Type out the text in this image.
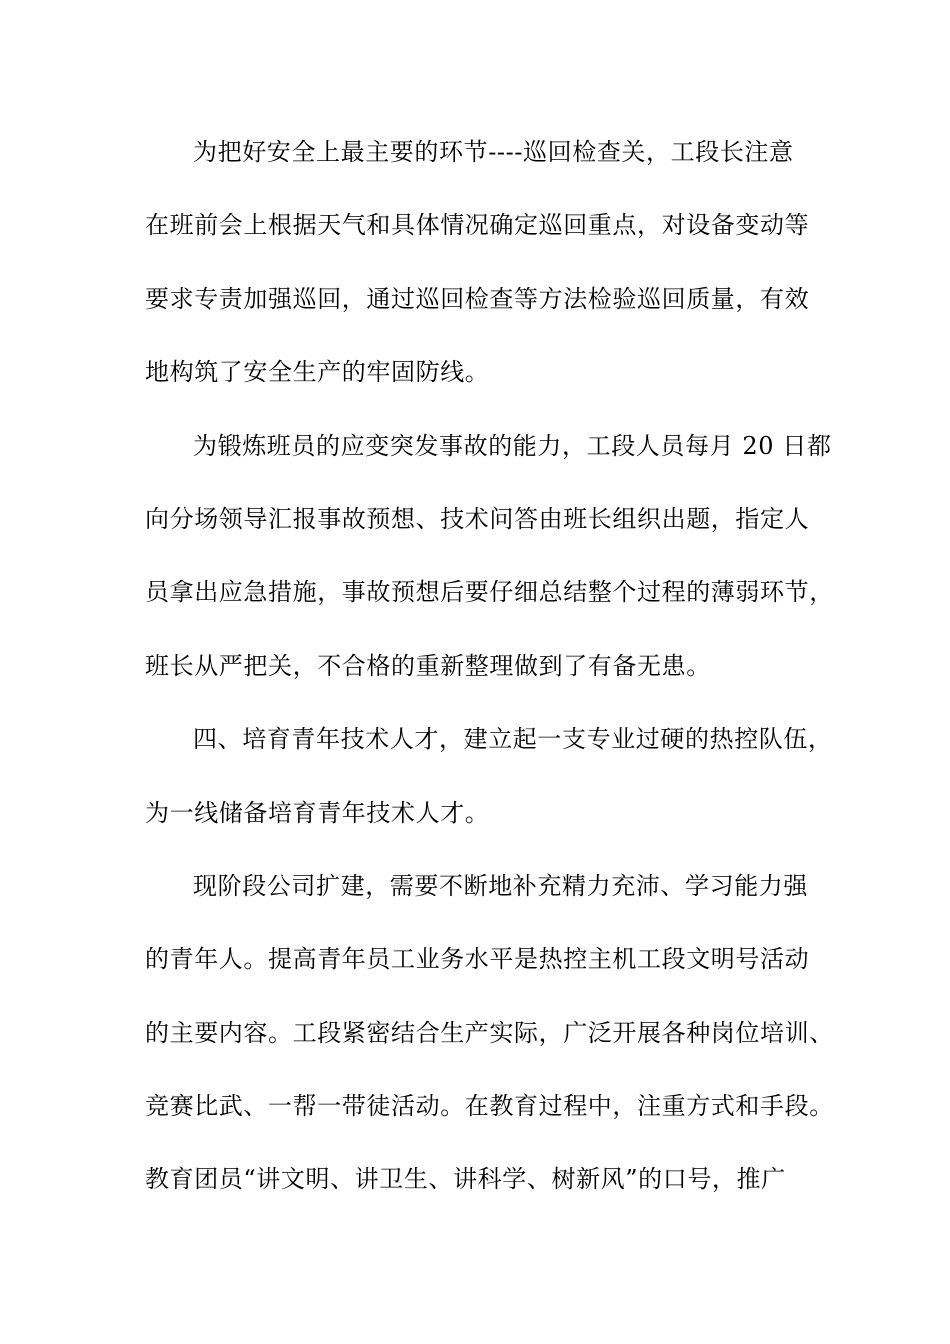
为把好安全上最主要的环节----巡回检查关，工段长注意
在班前会上根据天气和具体情况确定巡回重点，对设备变动等
要求专责加强巡回，通过巡回检查等方法检验巡回质量，有效
地构筑了安全生产的牢固防线。
为锻炼班员的应变突发事故的能力，工段人员每月 20 日都
向分场领导汇报事故预想、技术问答由班长组织出题，指定人
员拿出应急措施，事故预想后要仔细总结整个过程的薄弱环节，
班长从严把关，不合格的重新整理做到了有备无患。
四、培育青年技术人才，建立起一支专业过硬的热控队伍，
为一线储备培育青年技术人才。
现阶段公司扩建，需要不断地补充精力充沛、学习能力强
的青年人。提高青年员工业务水平是热控主机工段文明号活动
的主要内容。工段紧密结合生产实际，广泛开展各种岗位培训、
竞赛比武、一帮一带徒活动。在教育过程中，注重方式和手段。
教育团员“讲文明、讲卫生、讲科学、树新风”的口号，推广
